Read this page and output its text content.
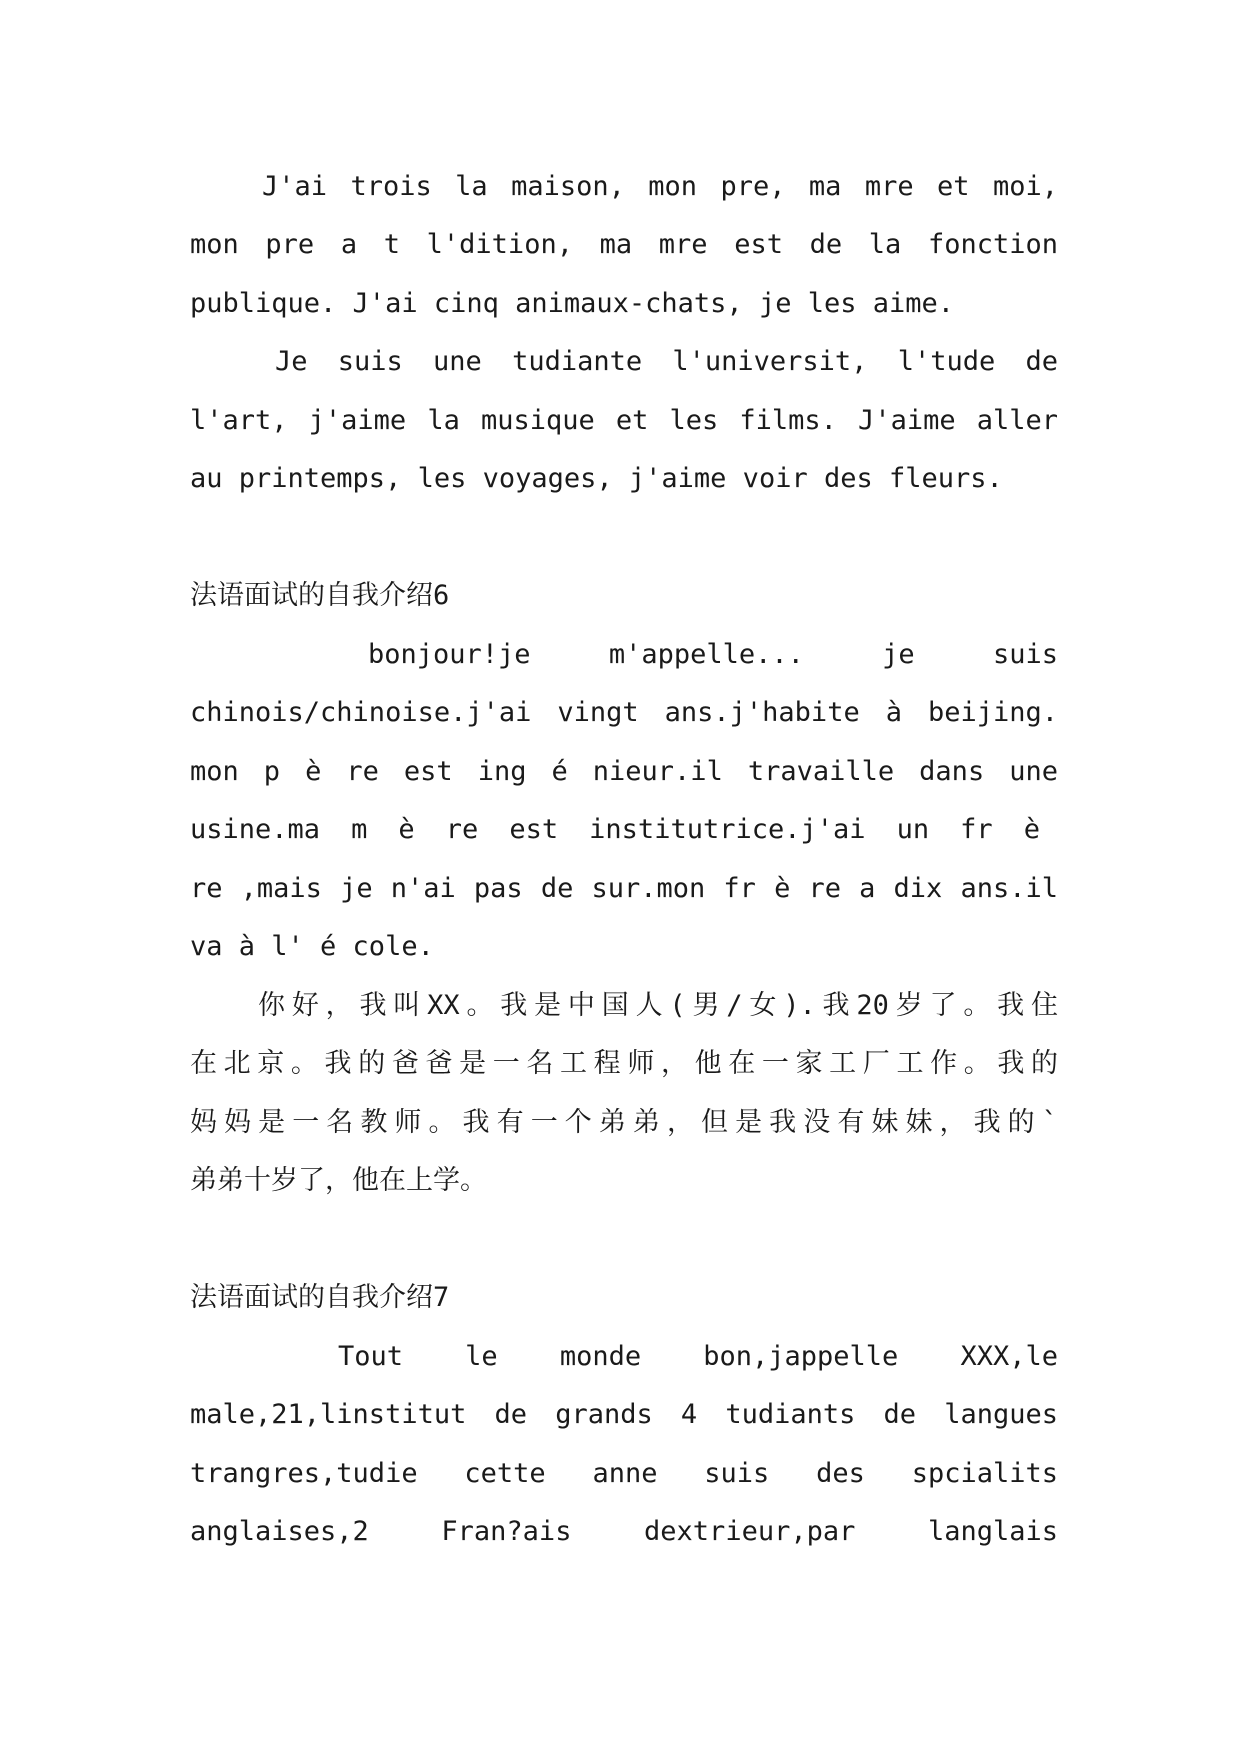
J'ai trois la maison, mon pre, ma mre et moi,
mon pre a t l'dition, ma mre est de la fonction
publique. J'ai cinq animaux-chats, je les aime.
Je suis une tudiante l'universit, l'tude de
l'art, j'aime la musique et les films. J'aime aller
au printemps, les voyages, j'aime voir des fleurs.
法语面试的自我介绍6
bonjour!je m'appelle... je suis
chinois/chinoise.j'ai vingt ans.j'habite à beijing.
mon p è re est ing é nieur.il travaille dans une
usine.ma m è re est institutrice.j'ai un fr è
re ,mais je n'ai pas de sur.mon fr è re a dix ans.il
va à l' é cole.
你好，我叫XX。我是中国人(男/女).我20岁了。我住
在北京。我的爸爸是一名工程师，他在一家工厂工作。我的
妈妈是一名教师。我有一个弟弟，但是我没有妹妹，我的`
弟弟十岁了，他在上学。
法语面试的自我介绍7
Tout le monde bon,jappelle XXX,le
male,21,linstitut de grands 4 tudiants de langues
trangres,tudie cette anne suis des spcialits
anglaises,2 Fran?ais dextrieur,par langlais
